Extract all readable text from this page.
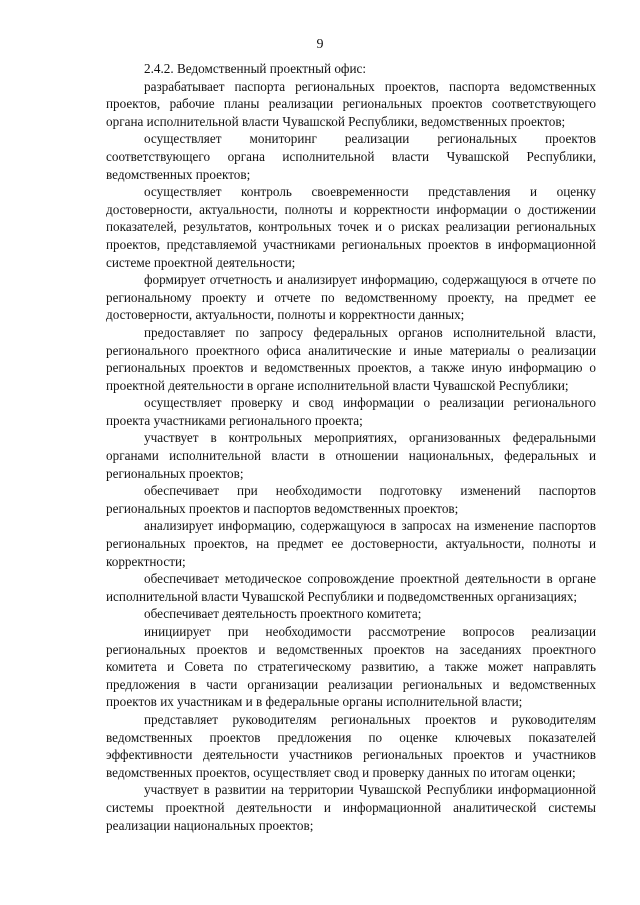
9

2.4.2. Ведомственный проектный офис:

разрабатывает паспорта региональных проектов, паспорта ведомственных проектов, рабочие планы реализации региональных проектов соответствующего органа исполнительной власти Чувашской Республики, ведомственных проектов;

осуществляет мониторинг реализации региональных проектов соответствующего органа исполнительной власти Чувашской Республики, ведомственных проектов;

осуществляет контроль своевременности представления и оценку достоверности, актуальности, полноты и корректности информации о достижении показателей, результатов, контрольных точек и о рисках реализации региональных проектов, представляемой участниками региональных проектов в информационной системе проектной деятельности;

формирует отчетность и анализирует информацию, содержащуюся в отчете по региональному проекту и отчете по ведомственному проекту, на предмет ее достоверности, актуальности, полноты и корректности данных;

предоставляет по запросу федеральных органов исполнительной власти, регионального проектного офиса аналитические и иные материалы о реализации региональных проектов и ведомственных проектов, а также иную информацию о проектной деятельности в органе исполнительной власти Чувашской Республики;

осуществляет проверку и свод информации о реализации регионального проекта участниками регионального проекта;

участвует в контрольных мероприятиях, организованных федеральными органами исполнительной власти в отношении национальных, федеральных и региональных проектов;

обеспечивает при необходимости подготовку изменений паспортов региональных проектов и паспортов ведомственных проектов;

анализирует информацию, содержащуюся в запросах на изменение паспортов региональных проектов, на предмет ее достоверности, актуальности, полноты и корректности;

обеспечивает методическое сопровождение проектной деятельности в органе исполнительной власти Чувашской Республики и подведомственных организациях;

обеспечивает деятельность проектного комитета;

инициирует при необходимости рассмотрение вопросов реализации региональных проектов и ведомственных проектов на заседаниях проектного комитета и Совета по стратегическому развитию, а также может направлять предложения в части организации реализации региональных и ведомственных проектов их участникам и в федеральные органы исполнительной власти;

представляет руководителям региональных проектов и руководителям ведомственных проектов предложения по оценке ключевых показателей эффективности деятельности участников региональных проектов и участников ведомственных проектов, осуществляет свод и проверку данных по итогам оценки;

участвует в развитии на территории Чувашской Республики информационной системы проектной деятельности и информационной аналитической системы реализации национальных проектов;
